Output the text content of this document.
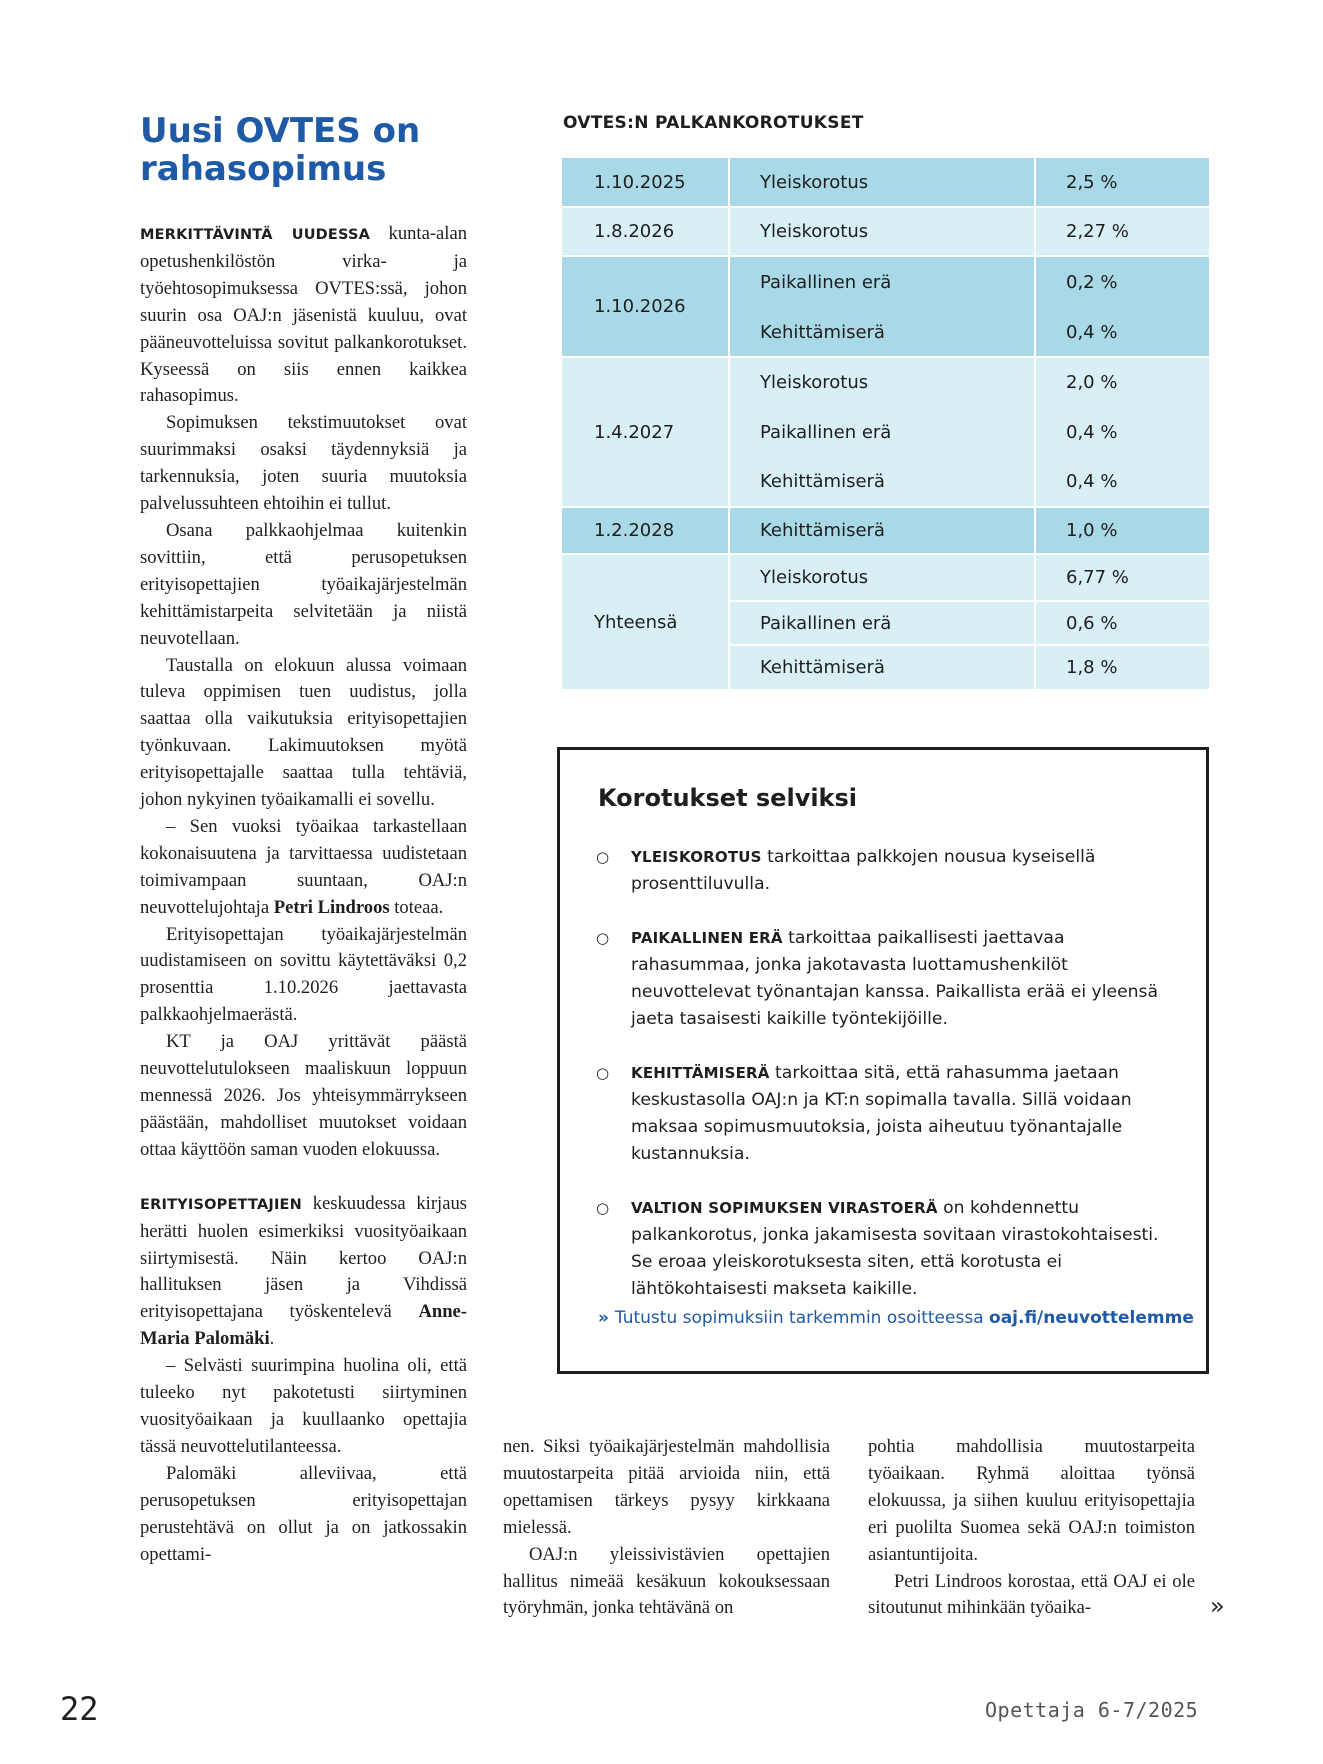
Uusi OVTES on rahasopimus

MERKITTÄVINTÄ UUDESSA kunta-alan opetushenkilöstön virka- ja työehtosopimuksessa OVTES:ssä, johon suurin osa OAJ:n jäsenistä kuuluu, ovat pääneuvotteluissa sovitut palkankorotukset. Kyseessä on siis ennen kaikkea rahasopimus.

Sopimuksen tekstimuutokset ovat suurimmaksi osaksi täydennyksiä ja tarkennuksia, joten suuria muutoksia palvelussuhteen ehtoihin ei tullut.

Osana palkkaohjelmaa kuitenkin sovittiin, että perusopetuksen erityisopettajien työaikajärjestelmän kehittämistarpeita selvitetään ja niistä neuvotellaan.

Taustalla on elokuun alussa voimaan tuleva oppimisen tuen uudistus, jolla saattaa olla vaikutuksia erityisopettajien työnkuvaan. Lakimuutoksen myötä erityisopettajalle saattaa tulla tehtäviä, johon nykyinen työaikamalli ei sovellu.

– Sen vuoksi työaikaa tarkastellaan kokonaisuutena ja tarvittaessa uudistetaan toimivampaan suuntaan, OAJ:n neuvottelujohtaja Petri Lindroos toteaa.

Erityisopettajan työaikajärjestelmän uudistamiseen on sovittu käytettäväksi 0,2 prosenttia 1.10.2026 jaettavasta palkkaohjelmaerästä.

KT ja OAJ yrittävät päästä neuvottelutulokseen maaliskuun loppuun mennessä 2026. Jos yhteisymmärrykseen päästään, mahdolliset muutokset voidaan ottaa käyttöön saman vuoden elokuussa.

ERITYISOPETTAJIEN keskuudessa kirjaus herätti huolen esimerkiksi vuosityöaikaan siirtymisestä. Näin kertoo OAJ:n hallituksen jäsen ja Vihdissä erityisopettajana työskentelevä Anne-Maria Palomäki.

– Selvästi suurimpina huolina oli, että tuleeko nyt pakotetusti siirtyminen vuosityöaikaan ja kuullaanko opettajia tässä neuvottelutilanteessa.

Palomäki alleviivaa, että perusopetuksen erityisopettajan perustehtävä on ollut ja on jatkossakin opettami-

nen. Siksi työaikajärjestelmän mahdollisia muutostarpeita pitää arvioida niin, että opettamisen tärkeys pysyy kirkkaana mielessä.

OAJ:n yleissivistävien opettajien hallitus nimeää kesäkuun kokouksessaan työryhmän, jonka tehtävänä on

pohtia mahdollisia muutostarpeita työaikaan. Ryhmä aloittaa työnsä elokuussa, ja siihen kuuluu erityisopettajia eri puolilta Suomea sekä OAJ:n toimiston asiantuntijoita.

Petri Lindroos korostaa, että OAJ ei ole sitoutunut mihinkään työaika-

OVTES:N PALKANKOROTUKSET
1.10.2025	Yleiskorotus	2,5 %
1.8.2026	Yleiskorotus	2,27 %
1.10.2026	Paikallinen erä	0,2 %
	Kehittämiserä	0,4 %
1.4.2027	Yleiskorotus	2,0 %
	Paikallinen erä	0,4 %
	Kehittämiserä	0,4 %
1.2.2028	Kehittämiserä	1,0 %
Yhteensä	Yleiskorotus	6,77 %
	Paikallinen erä	0,6 %
	Kehittämiserä	1,8 %
Korotukset selviksi
○ YLEISKOROTUS tarkoittaa palkkojen nousua kyseisellä prosenttiluvulla.
○ PAIKALLINEN ERÄ tarkoittaa paikallisesti jaettavaa rahasummaa, jonka jakotavasta luottamushenkilöt neuvottelevat työnantajan kanssa. Paikallista erää ei yleensä jaeta tasaisesti kaikille työntekijöille.
○ KEHITTÄMISERÄ tarkoittaa sitä, että rahasumma jaetaan keskustasolla OAJ:n ja KT:n sopimalla tavalla. Sillä voidaan maksaa sopimusmuutoksia, joista aiheutuu työnantajalle kustannuksia.
○ VALTION SOPIMUKSEN VIRASTOERÄ on kohdennettu palkankorotus, jonka jakamisesta sovitaan virastokohtaisesti. Se eroaa yleiskorotuksesta siten, että korotusta ei lähtökohtaisesti makseta kaikille.
» Tutustu sopimuksiin tarkemmin osoitteessa oaj.fi/neuvottelemme
»
22	Opettaja 6-7/2025
